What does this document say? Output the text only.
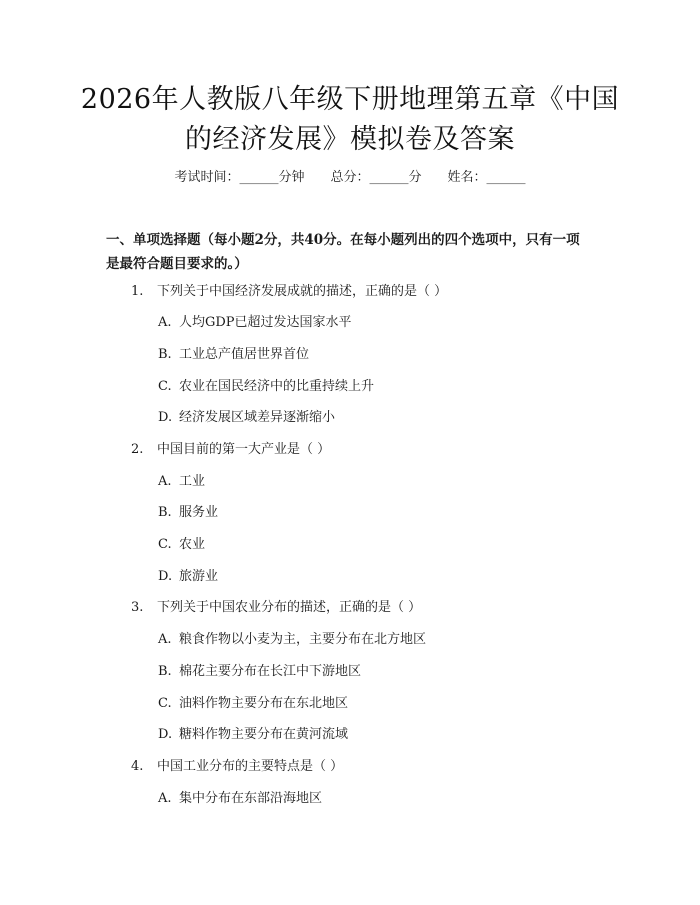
2026年人教版八年级下册地理第五章《中国
的经济发展》模拟卷及答案
考试时间：______分钟 总分：______分 姓名：______
一、单项选择题（每小题2分，共40分。在每小题列出的四个选项中，只有一项
是最符合题目要求的。）
1. 下列关于中国经济发展成就的描述，正确的是（ ）
A. 人均GDP已超过发达国家水平
B. 工业总产值居世界首位
C. 农业在国民经济中的比重持续上升
D. 经济发展区域差异逐渐缩小
2. 中国目前的第一大产业是（ ）
A. 工业
B. 服务业
C. 农业
D. 旅游业
3. 下列关于中国农业分布的描述，正确的是（ ）
A. 粮食作物以小麦为主，主要分布在北方地区
B. 棉花主要分布在长江中下游地区
C. 油料作物主要分布在东北地区
D. 糖料作物主要分布在黄河流域
4. 中国工业分布的主要特点是（ ）
A. 集中分布在东部沿海地区
